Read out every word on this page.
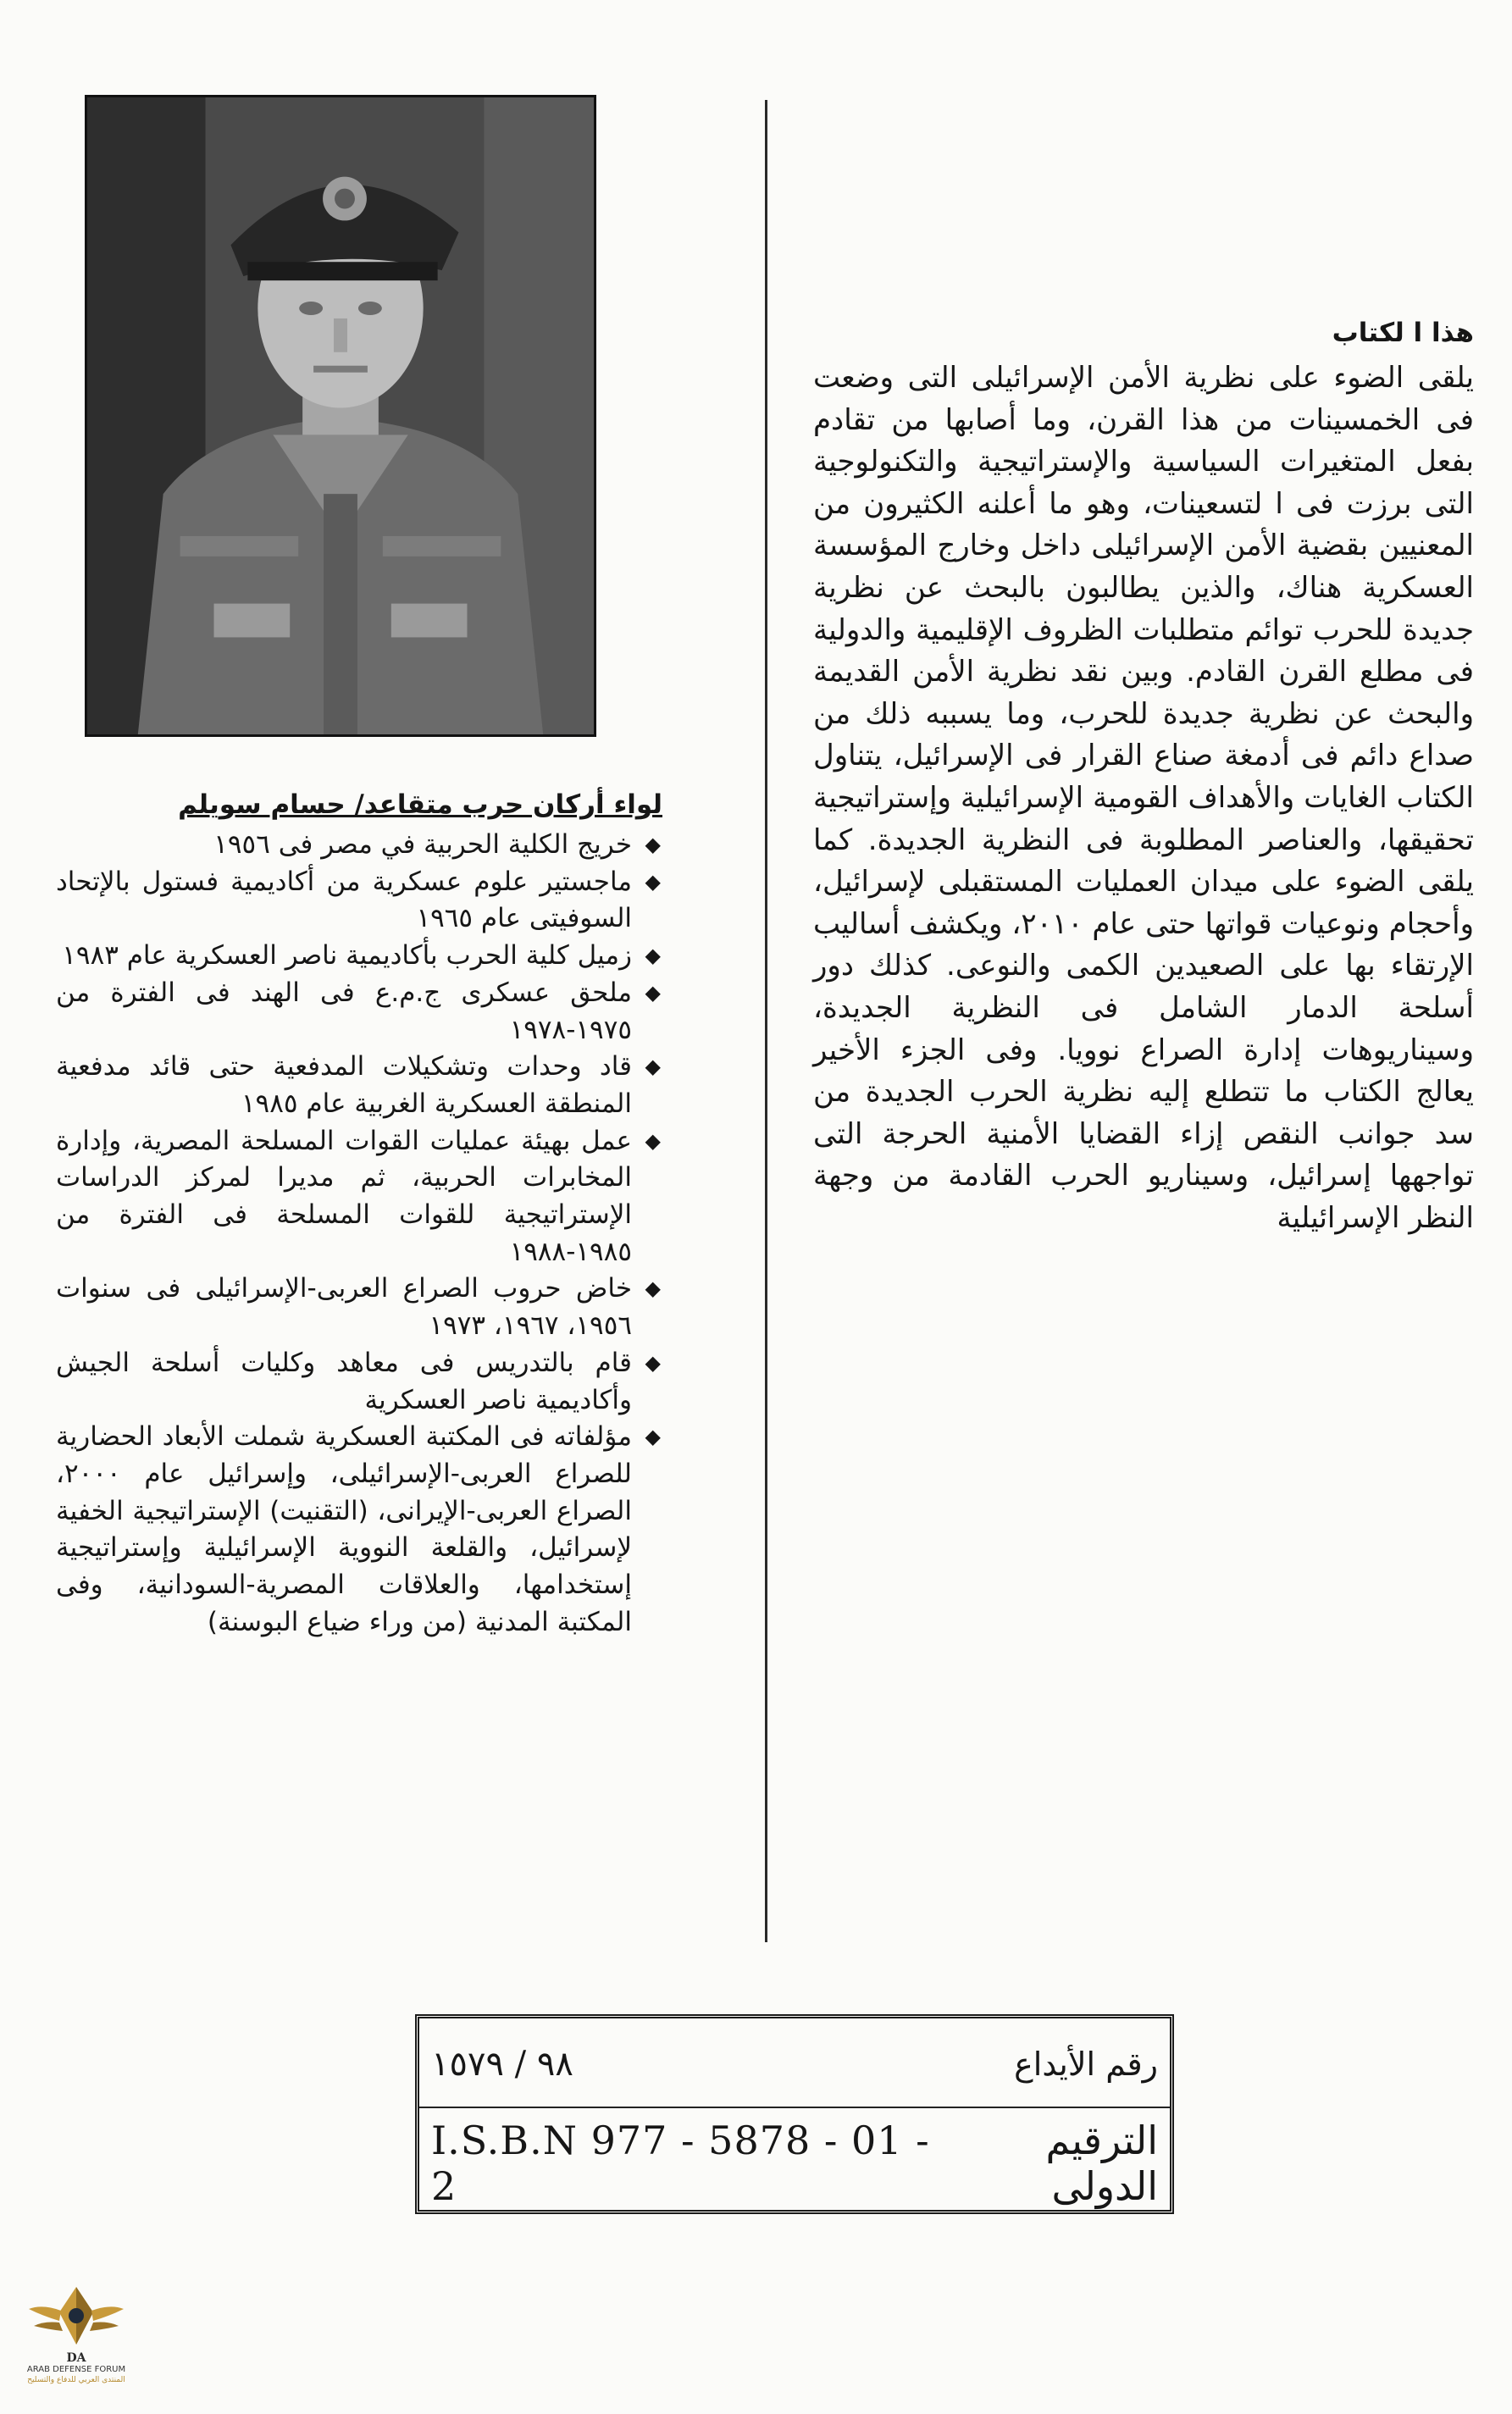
هذا ا لكتاب

يلقى الضوء على نظرية الأمن الإسرائيلى التى وضعت فى الخمسينات من هذا القرن، وما أصابها من تقادم بفعل المتغيرات السياسية والإستراتيجية والتكنولوجية التى برزت فى ا لتسعينات، وهو ما أعلنه الكثيرون من المعنيين بقضية الأمن الإسرائيلى داخل وخارج المؤسسة العسكرية هناك، والذين يطالبون بالبحث عن نظرية جديدة للحرب توائم متطلبات الظروف الإقليمية والدولية فى مطلع القرن القادم. وبين نقد نظرية الأمن القديمة والبحث عن نظرية جديدة للحرب، وما يسببه ذلك من صداع دائم فى أدمغة صناع القرار فى الإسرائيل، يتناول الكتاب الغايات والأهداف القومية الإسرائيلية وإستراتيجية تحقيقها، والعناصر المطلوبة فى النظرية الجديدة. كما يلقى الضوء على ميدان العمليات المستقبلى لإسرائيل، وأحجام ونوعيات قواتها حتى عام ٢٠١٠، ويكشف أساليب الإرتقاء بها على الصعيدين الكمى والنوعى. كذلك دور أسلحة الدمار الشامل فى النظرية الجديدة، وسيناريوهات إدارة الصراع نوويا. وفى الجزء الأخير يعالج الكتاب ما تتطلع إليه نظرية الحرب الجديدة من سد جوانب النقص إزاء القضايا الأمنية الحرجة التى تواجهها إسرائيل، وسيناريو الحرب القادمة من وجهة النظر الإسرائيلية

لواء أركان حرب متقاعد/ حسام سويلم
◆
خريج الكلية الحربية في مصر فى ١٩٥٦
◆
ماجستير علوم عسكرية من أكاديمية فستول بالإتحاد السوفيتى عام ١٩٦٥
◆
زميل كلية الحرب بأكاديمية ناصر العسكرية عام ١٩٨٣
◆
ملحق عسكرى ج.م.ع فى الهند فى الفترة من ١٩٧٥-١٩٧٨
◆
قاد وحدات وتشكيلات المدفعية حتى قائد مدفعية المنطقة العسكرية الغربية عام ١٩٨٥
◆
عمل بهيئة عمليات القوات المسلحة المصرية، وإدارة المخابرات الحربية، ثم مديرا لمركز الدراسات الإستراتيجية للقوات المسلحة فى الفترة من ١٩٨٥-١٩٨٨
◆
خاض حروب الصراع العربى-الإسرائيلى فى سنوات ١٩٥٦، ١٩٦٧، ١٩٧٣
◆
قام بالتدريس فى معاهد وكليات أسلحة الجيش وأكاديمية ناصر العسكرية
◆
مؤلفاته فى المكتبة العسكرية شملت الأبعاد الحضارية للصراع العربى-الإسرائيلى، وإسرائيل عام ٢٠٠٠، الصراع العربى-الإيرانى، (التقنيت) الإستراتيجية الخفية لإسرائيل، والقلعة النووية الإسرائيلية وإستراتيجية إستخدامها، والعلاقات المصرية-السودانية، وفى المكتبة المدنية (من وراء ضياع البوسنة)
رقم الأيداع
٩٨ / ١٥٧٩
الترقيم الدولى
I.S.B.N 977 - 5878 - 01 - 2
DA
ARAB DEFENSE FORUM
المنتدى العربي للدفاع والتسليح
